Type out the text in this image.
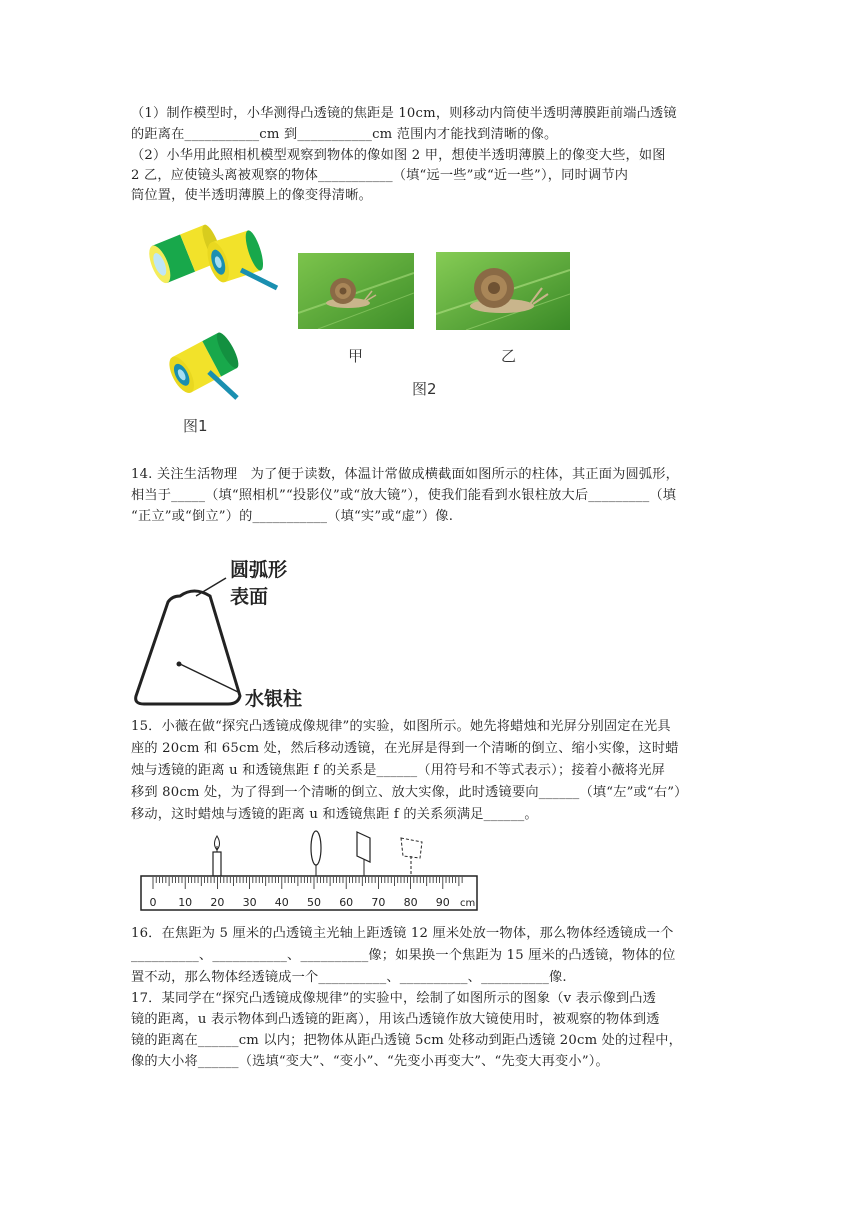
（1）制作模型时，小华测得凸透镜的焦距是 10cm，则移动内筒使半透明薄膜距前端凸透镜
的距离在___________cm 到___________cm 范围内才能找到清晰的像。
（2）小华用此照相机模型观察到物体的像如图 2 甲，想使半透明薄膜上的像变大些，如图
2 乙，应使镜头离被观察的物体___________（填“远一些”或“近一些”），同时调节内
筒位置，使半透明薄膜上的像变得清晰。
图1
甲	乙
图2
14. 关注生活物理　为了便于读数，体温计常做成横截面如图所示的柱体，其正面为圆弧形，
相当于_____（填“照相机”“投影仪”或“放大镜”），使我们能看到水银柱放大后_________（填
“正立”或“倒立”）的___________（填“实”或“虚”）像.
圆弧形
表面
水银柱
15．小薇在做“探究凸透镜成像规律”的实验，如图所示。她先将蜡烛和光屏分别固定在光具
座的 20cm 和 65cm 处，然后移动透镜，在光屏是得到一个清晰的倒立、缩小实像，这时蜡
烛与透镜的距离 u 和透镜焦距 f 的关系是______（用符号和不等式表示）；接着小薇将光屏
移到 80cm 处，为了得到一个清晰的倒立、放大实像，此时透镜要向______（填“左”或“右”）
移动，这时蜡烛与透镜的距离 u 和透镜焦距 f 的关系须满足______。
0 10 20 30 40 50 60 70 80 90 cm
16．在焦距为 5 厘米的凸透镜主光轴上距透镜 12 厘米处放一物体，那么物体经透镜成一个
__________、___________、__________像；如果换一个焦距为 15 厘米的凸透镜，物体的位
置不动，那么物体经透镜成一个__________、__________、__________像.
17．某同学在“探究凸透镜成像规律”的实验中，绘制了如图所示的图象（v 表示像到凸透
镜的距离，u 表示物体到凸透镜的距离），用该凸透镜作放大镜使用时，被观察的物体到透
镜的距离在______cm 以内；把物体从距凸透镜 5cm 处移动到距凸透镜 20cm 处的过程中，
像的大小将______（选填“变大”、“变小”、“先变小再变大”、“先变大再变小”）。
